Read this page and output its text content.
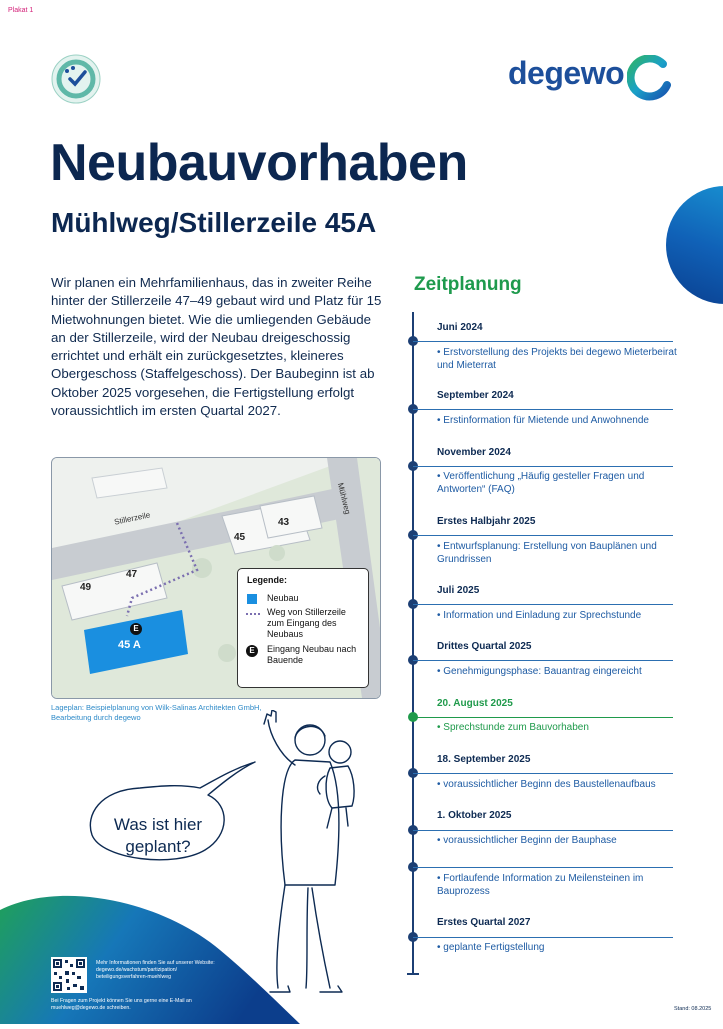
Plakat 1
degewo
Neubauvorhaben
Mühlweg/Stillerzeile 45A

Wir planen ein Mehrfamilienhaus, das in zweiter Reihe hinter der Stillerzeile 47–49 gebaut wird und Platz für 15 Mietwohnungen bietet. Wie die umliegenden Gebäude an der Stillerzeile, wird der Neubau dreigeschossig errichtet und erhält ein zurückgesetztes, kleineres Obergeschoss (Staffelgeschoss). Der Baubeginn ist ab Oktober 2025 vorgesehen, die Fertigstellung erfolgt voraussichtlich im ersten Quartal 2027.

Stillerzeile
Mühlweg
43
45
47
49
45 A
E
Legende:
Neubau
Weg von Stillerzeile zum Eingang des Neubaus
E	Eingang Neubau nach Bauende

Lageplan: Beispielplanung von Wilk-Salinas Architekten GmbH, Bearbeitung durch degewo

Mehr Informationen finden Sie auf unserer Website: degewo.de/wachstum/partizipation/ beteiligungsverfahren-muehlweg

Bei Fragen zum Projekt können Sie uns gerne eine E-Mail an muehlweg@degewo.de schreiben.

Was ist hier geplant?
Zeitplanung
Juni 2024

• Erstvorstellung des Projekts bei degewo Mieterbeirat und Mieterrat

September 2024

• Erstinformation für Mietende und Anwohnende

November 2024

• Veröffentlichung „Häufig gesteller Fragen und Antworten“ (FAQ)

Erstes Halbjahr 2025

• Entwurfsplanung: Erstellung von Bauplänen und Grundrissen

Juli 2025

• Information und Einladung zur Sprechstunde

Drittes Quartal 2025

• Genehmigungsphase: Bauantrag eingereicht

20. August 2025

• Sprechstunde zum Bauvorhaben

18. September 2025

• voraussichtlicher Beginn des Baustellenaufbaus

1. Oktober 2025

• voraussichtlicher Beginn der Bauphase

• Fortlaufende Information zu Meilensteinen im Bauprozess

Erstes Quartal 2027

• geplante Fertigstellung

Stand: 08.2025
